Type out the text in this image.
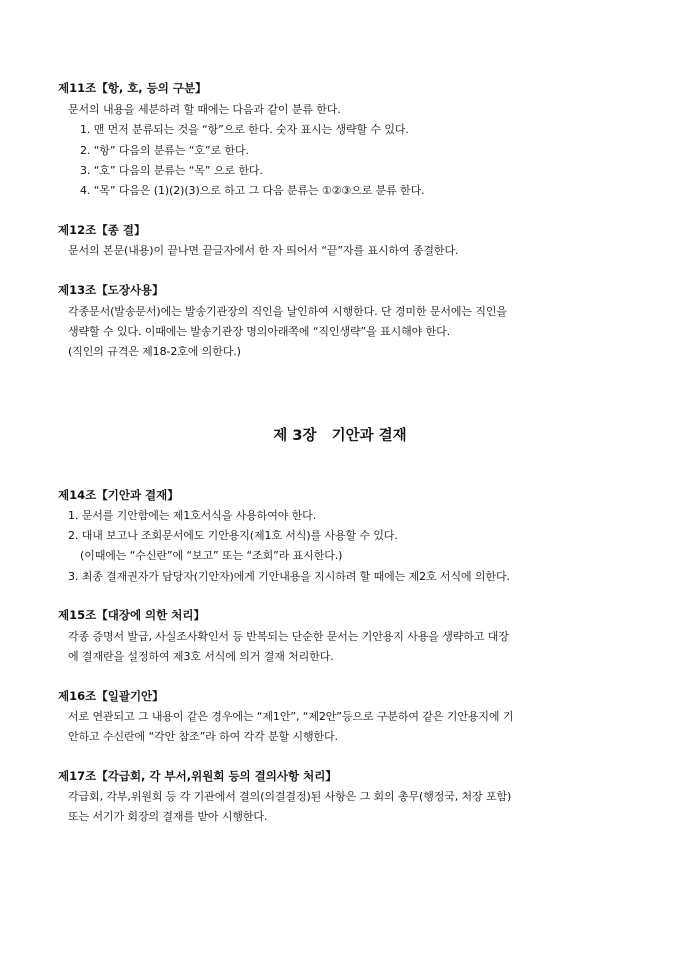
제11조【항, 호, 등의 구분】
문서의 내용을 세분하려 할 때에는 다음과 같이 분류 한다.
1. 맨 먼저 분류되는 것을 “항”으로 한다. 숫자 표시는 생략할 수 있다.
2. “항” 다음의 분류는 “호”로 한다.
3. “호” 다음의 분류는 “목” 으로 한다.
4. “목” 다음은 (1)(2)(3)으로 하고 그 다음 분류는 ①②③으로 분류 한다.
제12조【종 결】
문서의 본문(내용)이 끝나면 끝글자에서 한 자 띄어서 “끝”자를 표시하여 종결한다.
제13조【도장사용】
각종문서(발송문서)에는 발송기관장의 직인을 날인하여 시행한다. 단 경미한 문서에는 직인을
생략할 수 있다. 이때에는 발송기관장 명의아래쪽에 “직인생략”을 표시해야 한다.
(직인의 규격은 제18-2호에 의한다.)
제 3장   기안과 결재
제14조【기안과 결재】
1. 문서를 기안함에는 제1호서식을 사용하여야 한다.
2. 대내 보고나 조회문서에도 기안용지(제1호 서식)를 사용할 수 있다.
(이때에는 “수신란”에 “보고” 또는 “조회”라 표시한다.)
3. 최종 결재권자가 담당자(기안자)에게 기안내용을 지시하려 할 때에는 제2호 서식에 의한다.
제15조【대장에 의한 처리】
각종 증명서 발급, 사실조사확인서 등 반복되는 단순한 문서는 기안용지 사용을 생략하고 대장
에 결재란을 설정하여 제3호 서식에 의거 결재 처리한다.
제16조【일괄기안】
서로 연관되고 그 내용이 같은 경우에는 “제1안”, “제2안”등으로 구분하여 같은 기안용지에 기
안하고 수신란에 “각안 참조”라 하여 각각 분할 시행한다.
제17조【각급회, 각 부서,위원회 등의 결의사항 처리】
각급회, 각부,위원회 등 각 기관에서 결의(의결결정)된 사항은 그 회의 총무(행정국, 처장 포함)
또는 서기가 회장의 결재를 받아 시행한다.
